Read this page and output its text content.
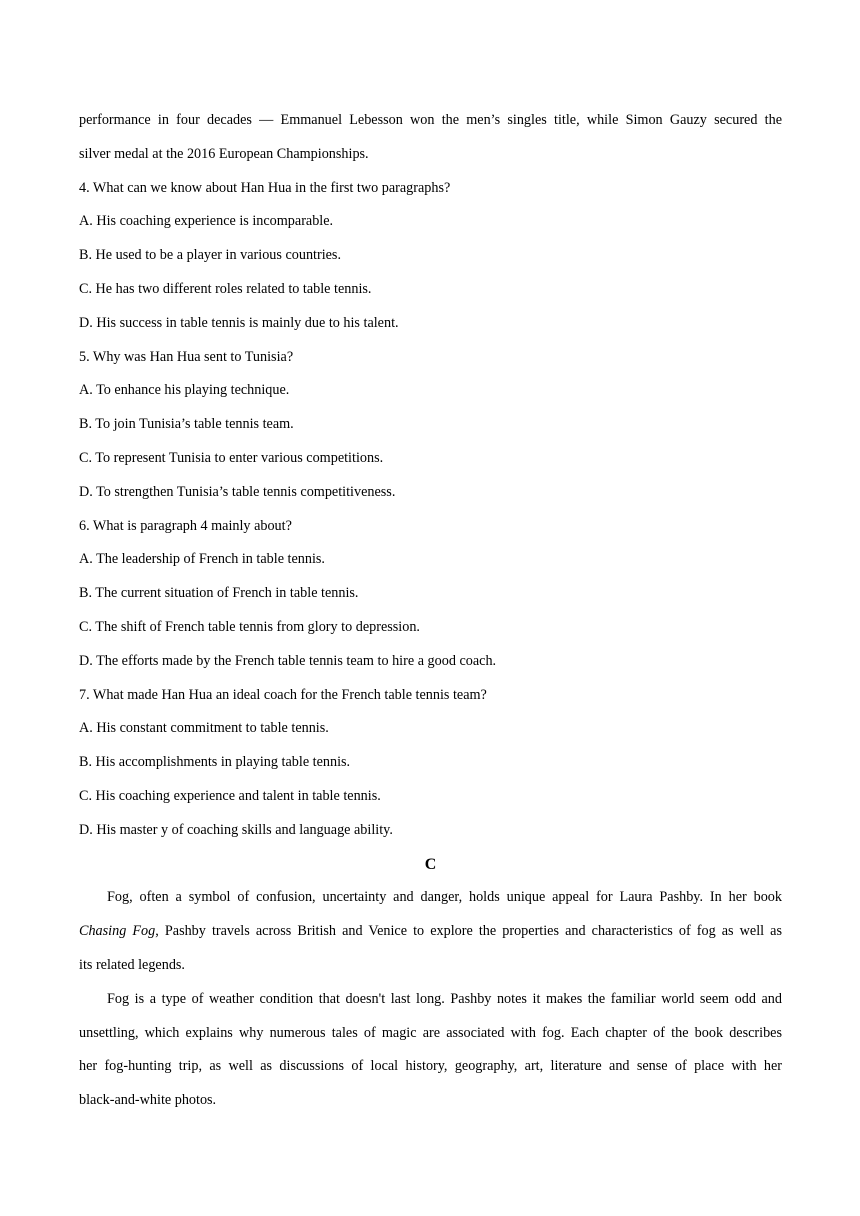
performance in four decades — Emmanuel Lebesson won the men’s singles title, while Simon Gauzy secured the
silver medal at the 2016 European Championships.
4. What can we know about Han Hua in the first two paragraphs?
A. His coaching experience is incomparable.
B. He used to be a player in various countries.
C. He has two different roles related to table tennis.
D. His success in table tennis is mainly due to his talent.
5. Why was Han Hua sent to Tunisia?
A. To enhance his playing technique.
B. To join Tunisia’s table tennis team.
C. To represent Tunisia to enter various competitions.
D. To strengthen Tunisia’s table tennis competitiveness.
6. What is paragraph 4 mainly about?
A. The leadership of French in table tennis.
B. The current situation of French in table tennis.
C. The shift of French table tennis from glory to depression.
D. The efforts made by the French table tennis team to hire a good coach.
7. What made Han Hua an ideal coach for the French table tennis team?
A. His constant commitment to table tennis.
B. His accomplishments in playing table tennis.
C. His coaching experience and talent in table tennis.
D. His master y of coaching skills and language ability.
C
Fog, often a symbol of confusion, uncertainty and danger, holds unique appeal for Laura Pashby. In her book
Chasing Fog, Pashby travels across British and Venice to explore the properties and characteristics of fog as well as
its related legends.
Fog is a type of weather condition that doesn't last long. Pashby notes it makes the familiar world seem odd and
unsettling, which explains why numerous tales of magic are associated with fog. Each chapter of the book describes
her fog-hunting trip, as well as discussions of local history, geography, art, literature and sense of place with her
black-and-white photos.
